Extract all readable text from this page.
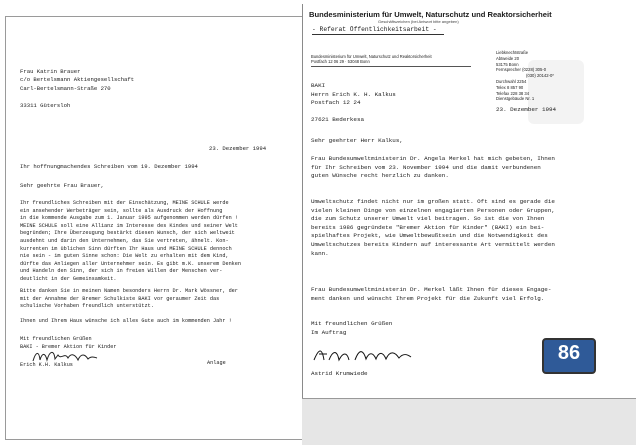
Frau Katrin Brauer
c/o Bertelsmann Aktiengesellschaft
Carl-Bertelsmann-Straße 270

33311 Gütersloh
23. Dezember 1994
Ihr hoffnungmachendes Schreiben vom 19. Dezember 1994
Sehr geehrte Frau Brauer,
Ihr freundliches Schreiben mit der Einschätzung, MEINE SCHULE werde
ein ansehender Werbeträger sein, sollte als Ausdruck der Hoffnung
in die kommende Ausgabe zum 1. Januar 1995 aufgenommen werden dürfen !
MEINE SCHULE soll eine Allianz im Interesse des Kindes und seiner Welt
begründen; Ihre Überzeugung bestärkt diesen Wunsch, der sich weltweit
ausdehnt und darin den Unternehmen, das Sie vertreten, ähnelt. Kon-
kurrenten im üblichen Sinn dürften Ihr Haus und MEINE SCHULE dennoch
nie sein - im guten Sinne schon: Die Welt zu erhalten mit dem Kind,
dürfte das Anliegen aller Unternehmer sein. Es gibt m.K. unserem Denken
und Handeln den Sinn, der sich in freien Willen der Menschen ver-
deutlicht in der Gemeinsamkeit.
Bitte danken Sie in meinen Namen besonders Herrn Dr. Mark Wössner, der
mit der Annahme der Bremer Schulkiste BAKI vor geraumer Zeit das
schulische Vorhaben freundlich unterstützt.
Ihnen und Ihrem Haus wünsche ich alles Gute auch im kommenden Jahr !
Mit freundlichen Grüßen
BAKI - Bremer Aktion für Kinder
Erich K.H. Kalkus	Anlage
Bundesministerium für Umwelt, Naturschutz und Reaktorsicherheit
Geschäftszeichen (bei Antwort bitte angeben)
- Referat Öffentlichkeitsarbeit -
Bundesministerium für Umwelt, Naturschutz und Reaktorsicherheit
Postfach 12 06 29 · 53048 Bonn
BAKI
Herrn Erich K. H. Kalkus
Postfach 12 24

27621 Bederkesa
Liebknechtstraße
Abtweide 20
53175 Bonn
Fernsprecher (0228) 305-0
(030) 20142-0*
Durchwahl 2254
Telex 8 857 90
Telefax 228 38 34
Dienstgebäude Nr. 1
23. Dezember 1994
Sehr geehrter Herr Kalkus,
Frau Bundesumweltministerin Dr. Angela Merkel hat mich gebeten, Ihnen
für Ihr Schreiben vom 23. November 1994 und die damit verbundenen
guten Wünsche recht herzlich zu danken.
Umweltschutz findet nicht nur im großen statt. Oft sind es gerade die
vielen kleinen Dinge von einzelnen engagierten Personen oder Gruppen,
die zum Schutz unserer Umwelt viel beitragen. So ist die von Ihnen
bereits 1986 gegründete "Bremer Aktion für Kinder" (BAKI) ein bei-
spielhaftes Projekt, wie Umweltbewußtsein und die Notwendigkeit des
Umweltschutzes bereits Kindern auf interessante Art vermittelt werden
kann.
Frau Bundesumweltministerin Dr. Merkel läßt Ihnen für dieses Engage-
ment danken und wünscht Ihrem Projekt für die Zukunft viel Erfolg.
Mit freundlichen Grüßen
Im Auftrag
Astrid Krumwiede
86
